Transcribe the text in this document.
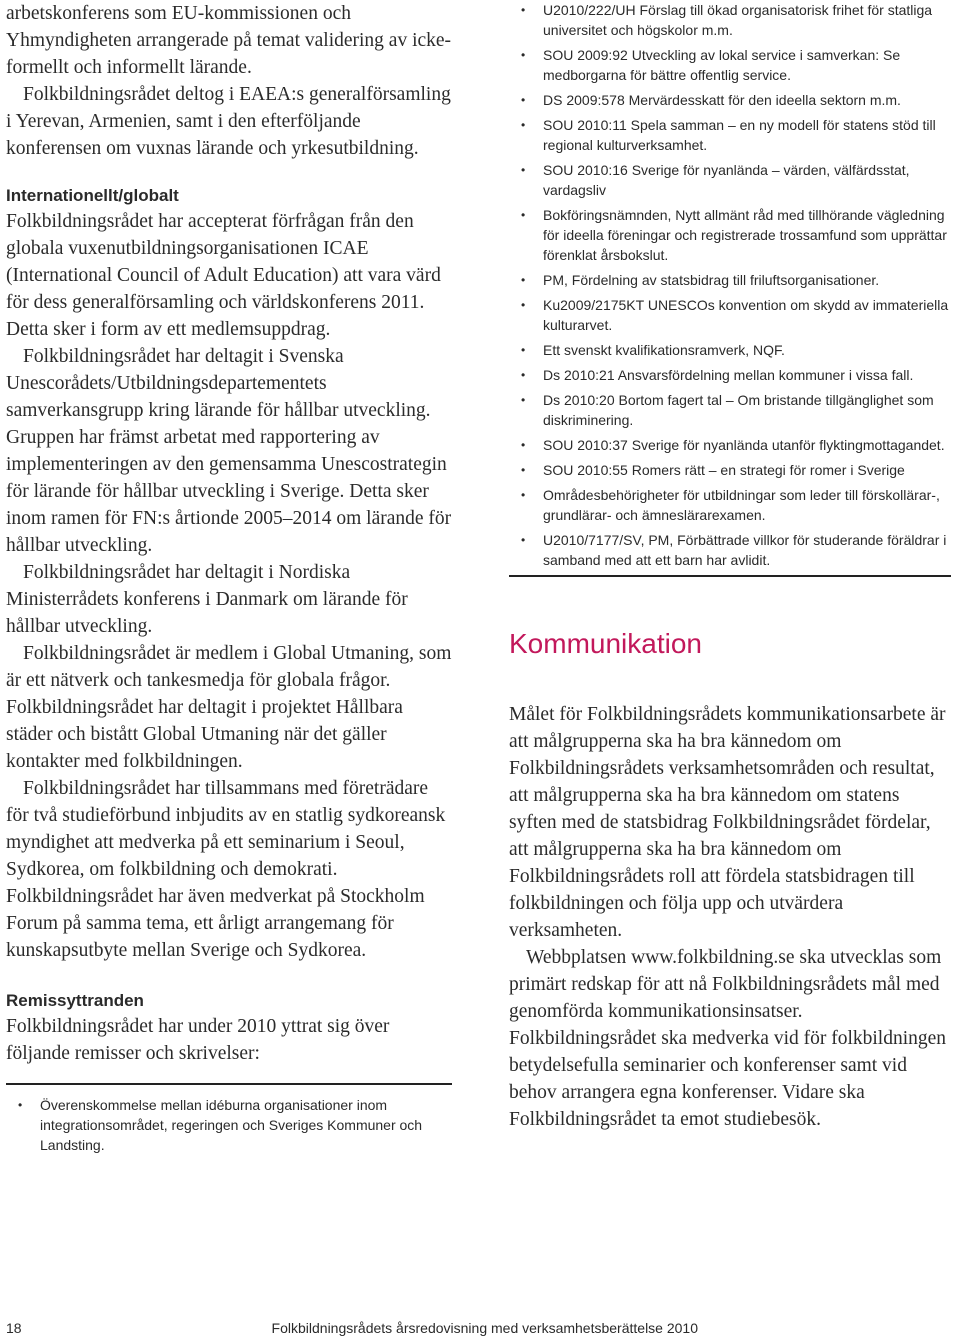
arbetskonferens som EU-kommissionen och Yhmyndigheten arrangerade på temat validering av icke-formellt och informellt lärande.

Folkbildningsrådet deltog i EAEA:s generalförsamling i Yerevan, Armenien, samt i den efterföljande konferensen om vuxnas lärande och yrkesutbildning.

Internationellt/globalt

Folkbildningsrådet har accepterat förfrågan från den globala vuxenutbildningsorganisationen ICAE (International Council of Adult Education) att vara värd för dess generalförsamling och världskonferens 2011. Detta sker i form av ett medlemsuppdrag.

Folkbildningsrådet har deltagit i Svenska Unescorådets/Utbildningsdepartementets samverkansgrupp kring lärande för hållbar utveckling. Gruppen har främst arbetat med rapportering av implementeringen av den gemensamma Unescostrategin för lärande för hållbar utveckling i Sverige. Detta sker inom ramen för FN:s årtionde 2005–2014 om lärande för hållbar utveckling.

Folkbildningsrådet har deltagit i Nordiska Ministerrådets konferens i Danmark om lärande för hållbar utveckling.

Folkbildningsrådet är medlem i Global Utmaning, som är ett nätverk och tankesmedja för globala frågor. Folkbildningsrådet har deltagit i projektet Hållbara städer och bistått Global Utmaning när det gäller kontakter med folkbildningen.

Folkbildningsrådet har tillsammans med företrädare för två studieförbund inbjudits av en statlig sydkoreansk myndighet att medverka på ett seminarium i Seoul, Sydkorea, om folkbildning och demokrati. Folkbildningsrådet har även medverkat på Stockholm Forum på samma tema, ett årligt arrangemang för kunskapsutbyte mellan Sverige och Sydkorea.

Remissyttranden

Folkbildningsrådet har under 2010 yttrat sig över följande remisser och skrivelser:

• Överenskommelse mellan idéburna organisationer inom integrationsområdet, regeringen och Sveriges Kommuner och Landsting.
• U2010/222/UH Förslag till ökad organisatorisk frihet för statliga universitet och högskolor m.m.
• SOU 2009:92 Utveckling av lokal service i samverkan: Se medborgarna för bättre offentlig service.
• DS 2009:578 Mervärdesskatt för den ideella sektorn m.m.
• SOU 2010:11 Spela samman – en ny modell för statens stöd till regional kulturverksamhet.
• SOU 2010:16 Sverige för nyanlända – värden, välfärdsstat, vardagsliv
• Bokföringsnämnden, Nytt allmänt råd med tillhörande vägledning för ideella föreningar och registrerade trossamfund som upprättar förenklat årsbokslut.
• PM, Fördelning av statsbidrag till friluftsorganisationer.
• Ku2009/2175KT UNESCOs konvention om skydd av immateriella kulturarvet.
• Ett svenskt kvalifikationsramverk, NQF.
• Ds 2010:21 Ansvarsfördelning mellan kommuner i vissa fall.
• Ds 2010:20 Bortom fagert tal – Om bristande tillgänglighet som diskriminering.
• SOU 2010:37 Sverige för nyanlända utanför flyktingmottagandet.
• SOU 2010:55 Romers rätt – en strategi för romer i Sverige
• Områdesbehörigheter för utbildningar som leder till förskollärar-, grundlärar- och ämneslärarexamen.
• U2010/7177/SV, PM, Förbättrade villkor för studerande föräldrar i samband med att ett barn har avlidit.
Kommunikation

Målet för Folkbildningsrådets kommunikationsarbete är att målgrupperna ska ha bra kännedom om Folkbildningsrådets verksamhetsområden och resultat, att målgrupperna ska ha bra kännedom om statens syften med de statsbidrag Folkbildningsrådet fördelar, att målgrupperna ska ha bra kännedom om Folkbildningsrådets roll att fördela statsbidragen till folkbildningen och följa upp och utvärdera verksamheten.

Webbplatsen www.folkbildning.se ska utvecklas som primärt redskap för att nå Folkbildningsrådets mål med genomförda kommunikationsinsatser. Folkbildningsrådet ska medverka vid för folkbildningen betydelsefulla seminarier och konferenser samt vid behov arrangera egna konferenser. Vidare ska Folkbildningsrådet ta emot studiebesök.

18	Folkbildningsrådets årsredovisning med verksamhetsberättelse 2010
